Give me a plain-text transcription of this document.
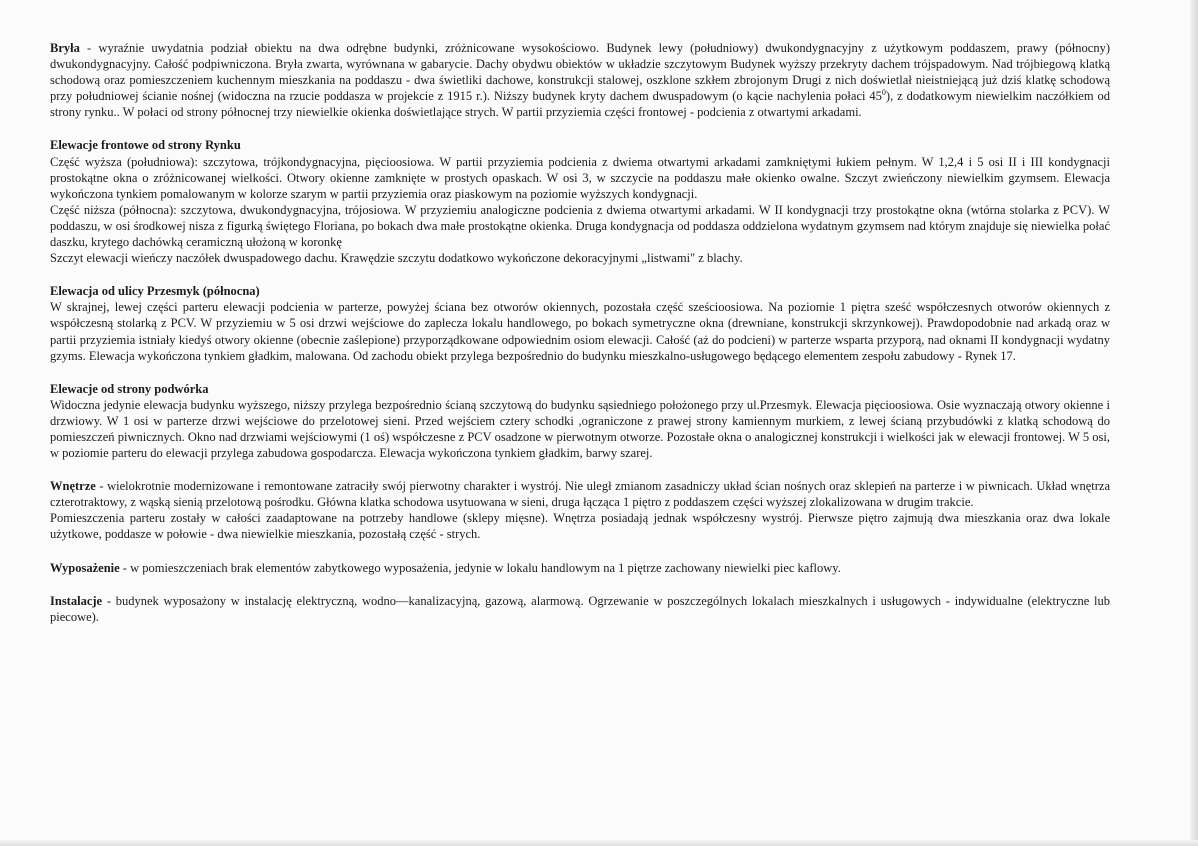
Bryła - wyraźnie uwydatnia podział obiektu na dwa odrębne budynki, zróżnicowane wysokościowo. Budynek lewy (południowy) dwukondygnacyjny z użytkowym poddaszem, prawy (północny) dwukondygnacyjny. Całość podpiwniczona. Bryła zwarta, wyrównana w gabarycie. Dachy obydwu obiektów w układzie szczytowym Budynek wyższy przekryty dachem trójspadowym. Nad trójbiegową klatką schodową oraz pomieszczeniem kuchennym mieszkania na poddaszu - dwa świetliki dachowe, konstrukcji stalowej, oszklone szkłem zbrojonym Drugi z nich doświetlał nieistniejącą już dziś klatkę schodową przy południowej ścianie nośnej (widoczna na rzucie poddasza w projekcie z 1915 r.). Niższy budynek kryty dachem dwuspadowym (o kącie nachylenia połaci $45^0$), z dodatkowym niewielkim naczółkiem od strony rynku.. W połaci od strony północnej trzy niewielkie okienka doświetlające strych. W partii przyziemia części frontowej - podcienia z otwartymi arkadami.

Elewacje frontowe od strony Rynku

Część wyższa (południowa): szczytowa, trójkondygnacyjna, pięcioosiowa. W partii przyziemia podcienia z dwiema otwartymi arkadami zamkniętymi łukiem pełnym. W 1,2,4 i 5 osi II i III kondygnacji prostokątne okna o zróżnicowanej wielkości. Otwory okienne zamknięte w prostych opaskach. W osi 3, w szczycie na poddaszu małe okienko owalne. Szczyt zwieńczony niewielkim gzymsem. Elewacja wykończona tynkiem pomalowanym w kolorze szarym w partii przyziemia oraz piaskowym na poziomie wyższych kondygnacji.

Część niższa (północna): szczytowa, dwukondygnacyjna, trójosiowa. W przyziemiu analogiczne podcienia z dwiema otwartymi arkadami. W II kondygnacji trzy prostokątne okna (wtórna stolarka z PCV). W poddaszu, w osi środkowej nisza z figurką świętego Floriana, po bokach dwa małe prostokątne okienka. Druga kondygnacja od poddasza oddzielona wydatnym gzymsem nad którym znajduje się niewielka połać daszku, krytego dachówką ceramiczną ułożoną w koronkę

Szczyt elewacji wieńczy naczółek dwuspadowego dachu. Krawędzie szczytu dodatkowo wykończone dekoracyjnymi „listwami" z blachy.

Elewacja od ulicy Przesmyk (północna)

W skrajnej, lewej części parteru elewacji podcienia w parterze, powyżej ściana bez otworów okiennych, pozostała część sześcioosiowa. Na poziomie 1 piętra sześć współczesnych otworów okiennych z współczesną stolarką z PCV. W przyziemiu w 5 osi drzwi wejściowe do zaplecza lokalu handlowego, po bokach symetryczne okna (drewniane, konstrukcji skrzynkowej). Prawdopodobnie nad arkadą oraz w partii przyziemia istniały kiedyś otwory okienne (obecnie zaślepione) przyporządkowane odpowiednim osiom elewacji. Całość (aż do podcieni) w parterze wsparta przyporą, nad oknami II kondygnacji wydatny gzyms. Elewacja wykończona tynkiem gładkim, malowana. Od zachodu obiekt przylega bezpośrednio do budynku mieszkalno-usługowego będącego elementem zespołu zabudowy - Rynek 17.

Elewacje od strony podwórka

Widoczna jedynie elewacja budynku wyższego, niższy przylega bezpośrednio ścianą szczytową do budynku sąsiedniego położonego przy ul.Przesmyk. Elewacja pięcioosiowa. Osie wyznaczają otwory okienne i drzwiowy. W 1 osi w parterze drzwi wejściowe do przelotowej sieni. Przed wejściem cztery schodki ,ograniczone z prawej strony kamiennym murkiem, z lewej ścianą przybudówki z klatką schodową do pomieszczeń piwnicznych. Okno nad drzwiami wejściowymi (1 oś) współczesne z PCV osadzone w pierwotnym otworze. Pozostałe okna o analogicznej konstrukcji i wielkości jak w elewacji frontowej. W 5 osi, w poziomie parteru do elewacji przylega zabudowa gospodarcza. Elewacja wykończona tynkiem gładkim, barwy szarej.

Wnętrze - wielokrotnie modernizowane i remontowane zatraciły swój pierwotny charakter i wystrój. Nie uległ zmianom zasadniczy układ ścian nośnych oraz sklepień na parterze i w piwnicach. Układ wnętrza czterotraktowy, z wąską sienią przelotową pośrodku. Główna klatka schodowa usytuowana w sieni, druga łącząca 1 piętro z poddaszem części wyższej zlokalizowana w drugim trakcie.

Pomieszczenia parteru zostały w całości zaadaptowane na potrzeby handlowe (sklepy mięsne). Wnętrza posiadają jednak współczesny wystrój. Pierwsze piętro zajmują dwa mieszkania oraz dwa lokale użytkowe, poddasze w połowie - dwa niewielkie mieszkania, pozostałą część - strych.

Wyposażenie - w pomieszczeniach brak elementów zabytkowego wyposażenia, jedynie w lokalu handlowym na 1 piętrze zachowany niewielki piec kaflowy.

Instalacje - budynek wyposażony w instalację elektryczną, wodno—kanalizacyjną, gazową, alarmową. Ogrzewanie w poszczególnych lokalach mieszkalnych i usługowych - indywidualne (elektryczne lub piecowe).
